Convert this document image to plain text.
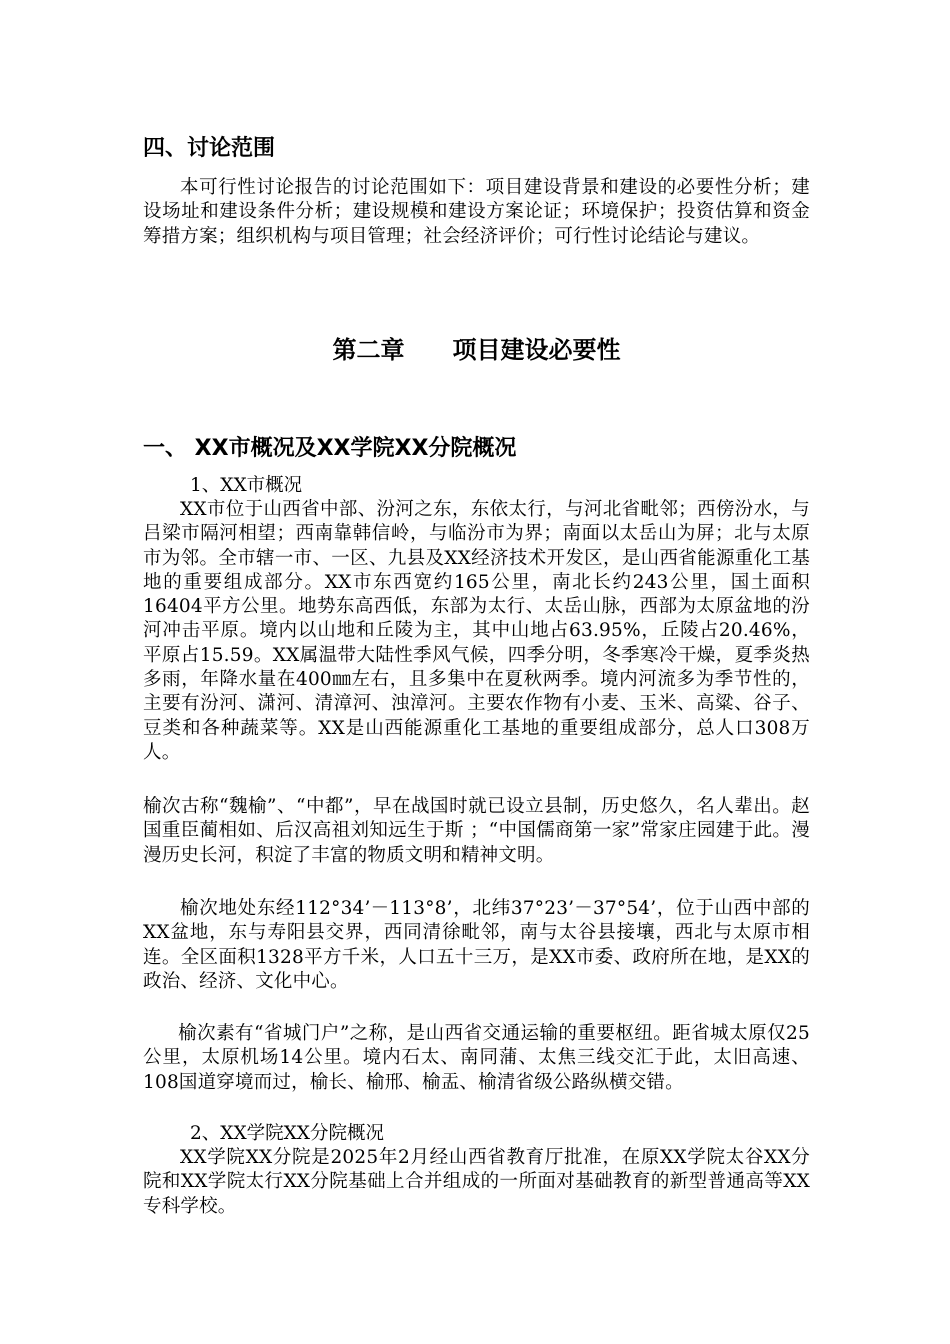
四、讨论范围

本可行性讨论报告的讨论范围如下：项目建设背景和建设的必要性分析；建设场址和建设条件分析；建设规模和建设方案论证；环境保护；投资估算和资金筹措方案；组织机构与项目管理；社会经济评价；可行性讨论结论与建议。

第二章　　项目建设必要性
一、 XX市概况及XX学院XX分院概况
1、XX市概况

XX市位于山西省中部、汾河之东，东依太行，与河北省毗邻；西傍汾水，与吕梁市隔河相望；西南靠韩信岭，与临汾市为界；南面以太岳山为屏；北与太原市为邻。全市辖一市、一区、九县及XX经济技术开发区，是山西省能源重化工基地的重要组成部分。XX市东西宽约165公里，南北长约243公里，国土面积16404平方公里。地势东高西低，东部为太行、太岳山脉，西部为太原盆地的汾河冲击平原。境内以山地和丘陵为主，其中山地占63.95%，丘陵占20.46%，平原占15.59。XX属温带大陆性季风气候，四季分明，冬季寒冷干燥，夏季炎热多雨，年降水量在400㎜左右，且多集中在夏秋两季。境内河流多为季节性的，主要有汾河、潇河、清漳河、浊漳河。主要农作物有小麦、玉米、高粱、谷子、豆类和各种蔬菜等。XX是山西能源重化工基地的重要组成部分，总人口308万人。

榆次古称“魏榆”、“中都”，早在战国时就已设立县制，历史悠久，名人辈出。赵国重臣蔺相如、后汉高祖刘知远生于斯 ；“中国儒商第一家”常家庄园建于此。漫漫历史长河，积淀了丰富的物质文明和精神文明。

榆次地处东经112°34’－113°8’，北纬37°23’－37°54’，位于山西中部的XX盆地，东与寿阳县交界，西同清徐毗邻，南与太谷县接壤，西北与太原市相连。全区面积1328平方千米，人口五十三万，是XX市委、政府所在地，是XX的政治、经济、文化中心。

榆次素有“省城门户”之称，是山西省交通运输的重要枢纽。距省城太原仅25公里，太原机场14公里。境内石太、南同蒲、太焦三线交汇于此，太旧高速、108国道穿境而过，榆长、榆邢、榆盂、榆清省级公路纵横交错。

2、XX学院XX分院概况

XX学院XX分院是2025年2月经山西省教育厅批准，在原XX学院太谷XX分院和XX学院太行XX分院基础上合并组成的一所面对基础教育的新型普通高等XX专科学校。
